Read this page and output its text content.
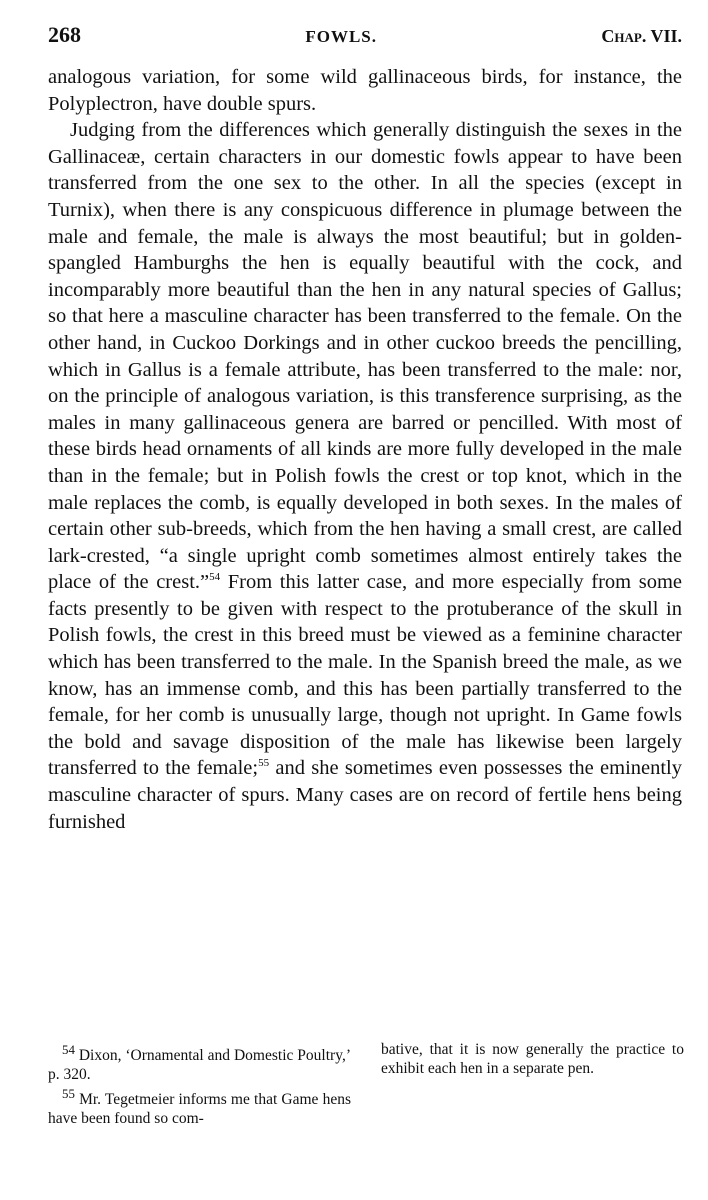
268	FOWLS.	Chap. VII.

analogous variation, for some wild gallinaceous birds, for instance, the Polyplectron, have double spurs.

Judging from the differences which generally distinguish the sexes in the Gallinaceæ, certain characters in our domestic fowls appear to have been transferred from the one sex to the other. In all the species (except in Turnix), when there is any conspicuous difference in plumage between the male and female, the male is always the most beautiful; but in golden-spangled Hamburghs the hen is equally beautiful with the cock, and incomparably more beautiful than the hen in any natural species of Gallus; so that here a masculine character has been transferred to the female. On the other hand, in Cuckoo Dorkings and in other cuckoo breeds the pencilling, which in Gallus is a female attribute, has been transferred to the male: nor, on the principle of analogous variation, is this transference surprising, as the males in many gallinaceous genera are barred or pencilled. With most of these birds head ornaments of all kinds are more fully developed in the male than in the female; but in Polish fowls the crest or top knot, which in the male replaces the comb, is equally developed in both sexes. In the males of certain other sub-breeds, which from the hen having a small crest, are called lark-crested, “a single upright comb sometimes almost entirely takes the place of the crest.”$^{54}$ From this latter case, and more especially from some facts presently to be given with respect to the protuberance of the skull in Polish fowls, the crest in this breed must be viewed as a feminine character which has been transferred to the male. In the Spanish breed the male, as we know, has an immense comb, and this has been partially transferred to the female, for her comb is unusually large, though not upright. In Game fowls the bold and savage disposition of the male has likewise been largely transferred to the female;$^{55}$ and she sometimes even possesses the eminently masculine character of spurs. Many cases are on record of fertile hens being furnished

$^{54}$ Dixon, ‘Ornamental and Domestic Poultry,’ p. 320.

$^{55}$ Mr. Tegetmeier informs me that Game hens have been found so com-

bative, that it is now generally the practice to exhibit each hen in a separate pen.
